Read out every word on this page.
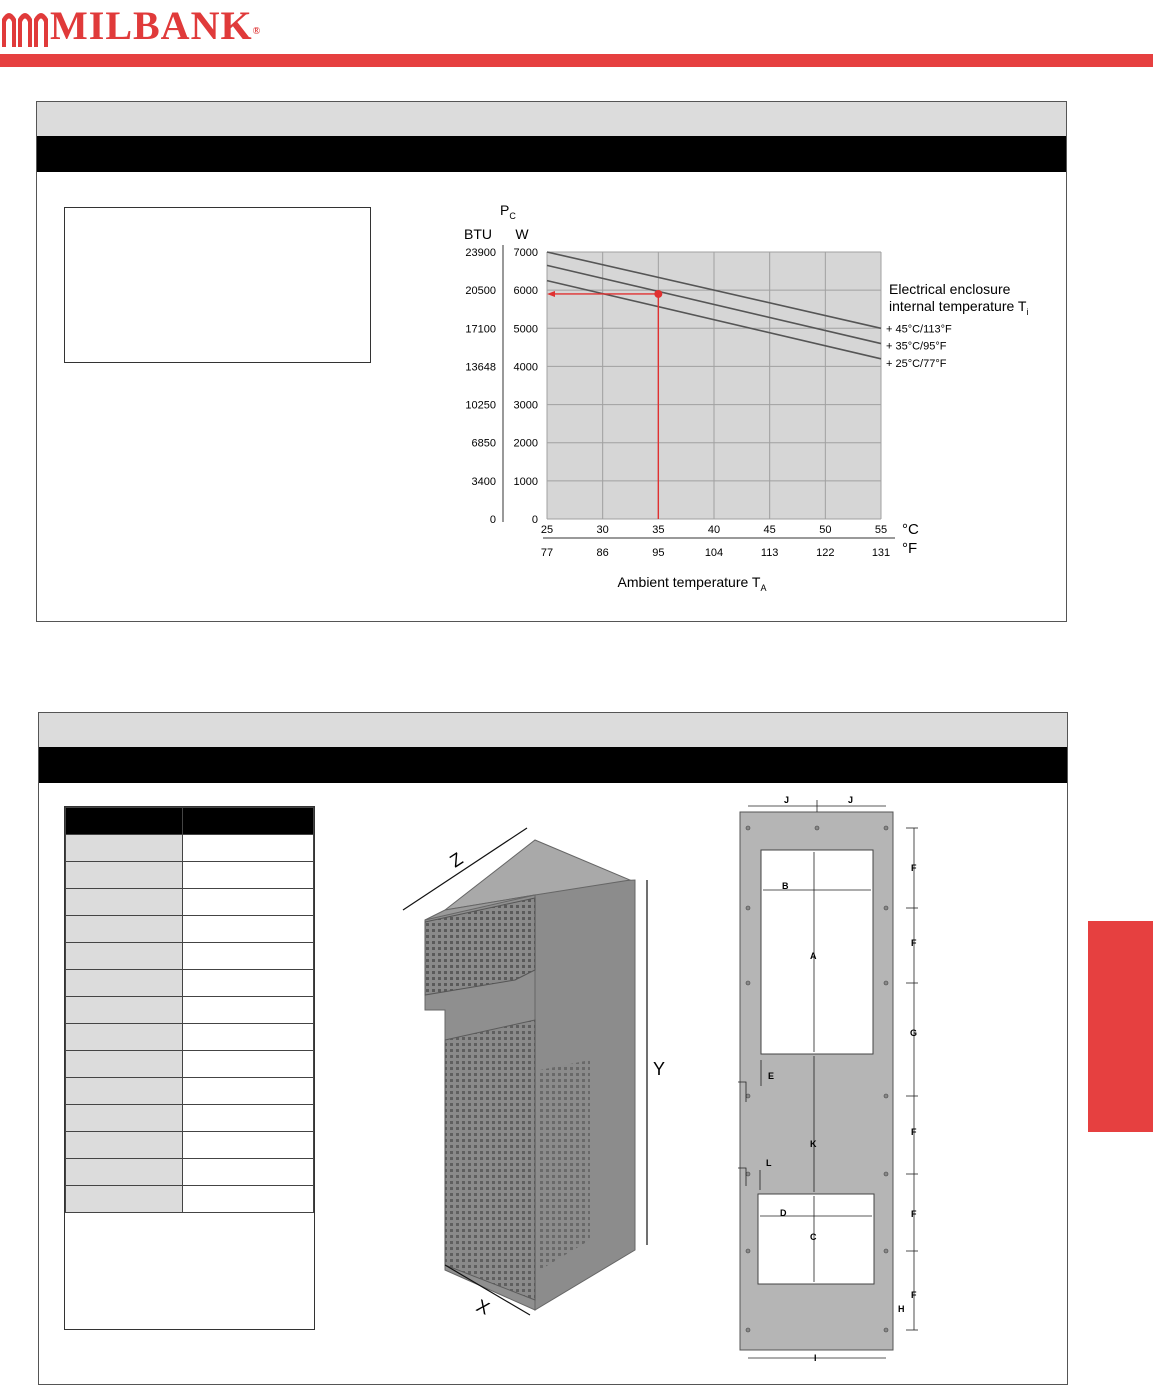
MILBANK®
$P_C$
BTU W
0
1000
2000
3000
4000
5000
6000
7000
0
3400
6850
10250
13648
17100
20500
23900
25	30	35	40	45	50	55
77	86	95	104	113	122	131
°C
°F
Ambient temperature $T_A$
+ 45°C/113°F
+ 35°C/95°F
+ 25°C/77°F
Electrical enclosure
internal temperature $T_i$

Z
Y
X
J	J
F
F
G
F
F
F
H
A
B
C
D
E
K
L
I
